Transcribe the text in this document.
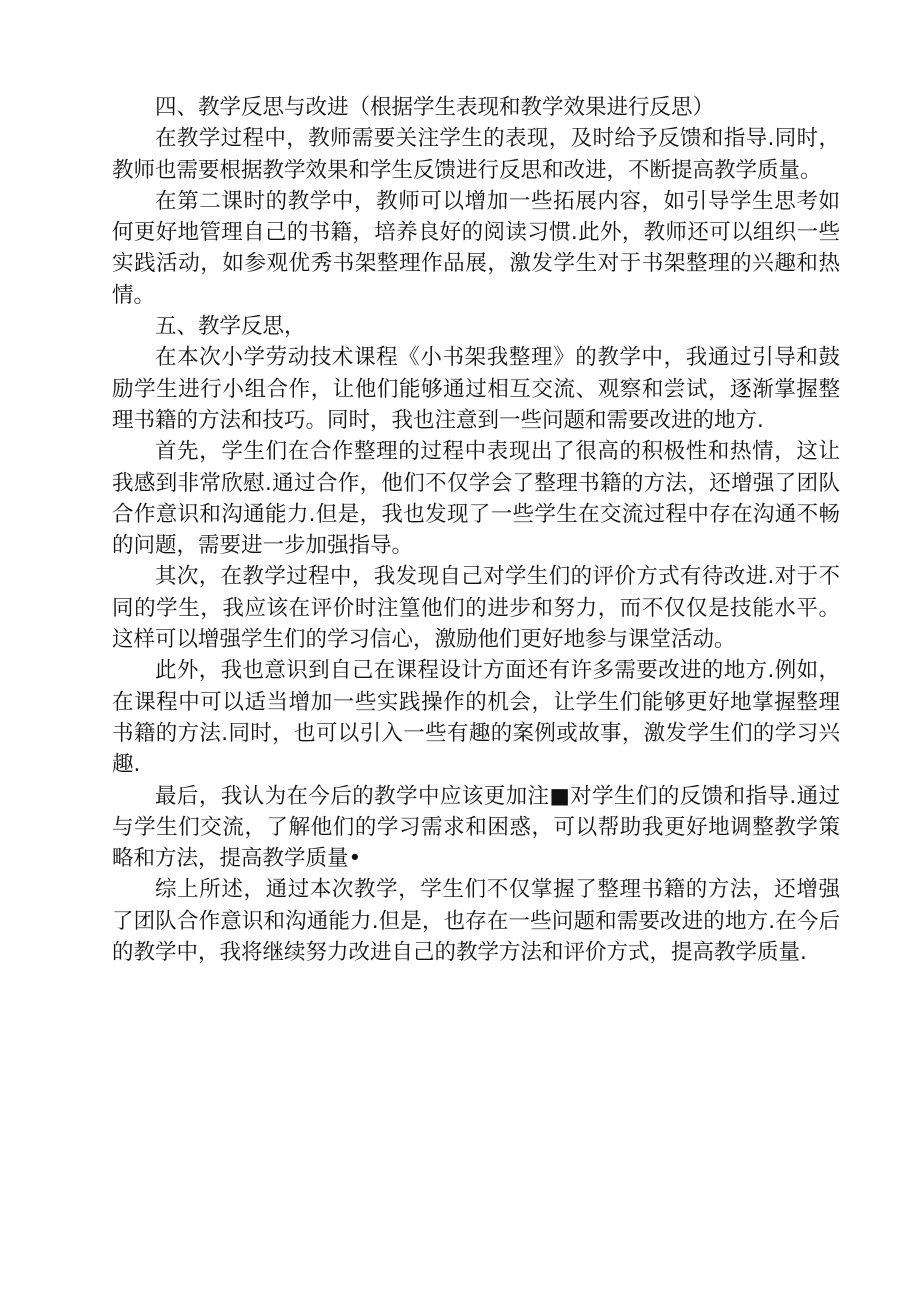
四、教学反思与改进（根据学生表现和教学效果进行反思）

在教学过程中，教师需要关注学生的表现，及时给予反馈和指导.同时，教师也需要根据教学效果和学生反馈进行反思和改进，不断提高教学质量。

在第二课时的教学中，教师可以增加一些拓展内容，如引导学生思考如何更好地管理自己的书籍，培养良好的阅读习惯.此外，教师还可以组织一些实践活动，如参观优秀书架整理作品展，激发学生对于书架整理的兴趣和热情。

五、教学反思，

在本次小学劳动技术课程《小书架我整理》的教学中，我通过引导和鼓励学生进行小组合作，让他们能够通过相互交流、观察和尝试，逐渐掌握整理书籍的方法和技巧。同时，我也注意到一些问题和需要改进的地方.

首先，学生们在合作整理的过程中表现出了很高的积极性和热情，这让我感到非常欣慰.通过合作，他们不仅学会了整理书籍的方法，还增强了团队合作意识和沟通能力.但是，我也发现了一些学生在交流过程中存在沟通不畅的问题，需要进一步加强指导。

其次，在教学过程中，我发现自己对学生们的评价方式有待改进.对于不同的学生，我应该在评价时注篁他们的进步和努力，而不仅仅是技能水平。这样可以增强学生们的学习信心，激励他们更好地参与课堂活动。

此外，我也意识到自己在课程设计方面还有许多需要改进的地方.例如，在课程中可以适当增加一些实践操作的机会，让学生们能够更好地掌握整理书籍的方法.同时，也可以引入一些有趣的案例或故事，激发学生们的学习兴趣.

最后，我认为在今后的教学中应该更加注■对学生们的反馈和指导.通过与学生们交流，了解他们的学习需求和困惑，可以帮助我更好地调整教学策略和方法，提高教学质量•

综上所述，通过本次教学，学生们不仅掌握了整理书籍的方法，还增强了团队合作意识和沟通能力.但是，也存在一些问题和需要改进的地方.在今后的教学中，我将继续努力改进自己的教学方法和评价方式，提高教学质量.
